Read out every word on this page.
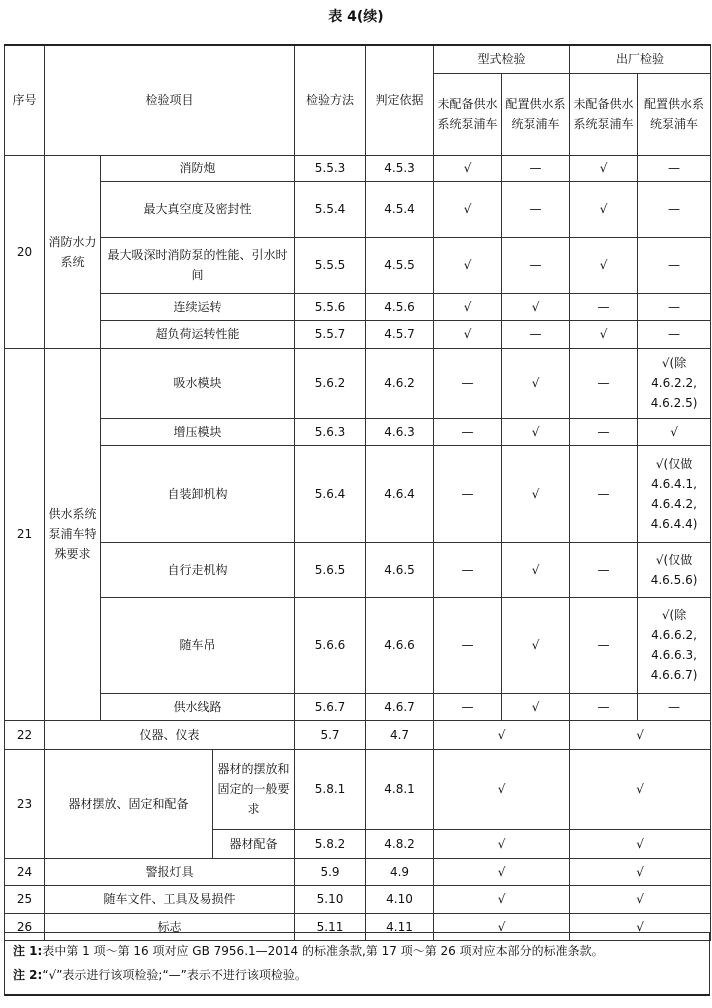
表 4(续)
序号	检验项目			检验方法	判定依据	型式检验		出厂检验	
						未配备供水系统泵浦车	配置供水系统泵浦车	未配备供水系统泵浦车	配置供水系统泵浦车
20	消防水力系统	消防炮		5.5.3	4.5.3	√	—	√	—
		最大真空度及密封性		5.5.4	4.5.4	√	—	√	—
		最大吸深时消防泵的性能、引水时间		5.5.5	4.5.5	√	—	√	—
		连续运转		5.5.6	4.5.6	√	√	—	—
		超负荷运转性能		5.5.7	4.5.7	√	—	√	—
21	供水系统泵浦车特殊要求	吸水模块		5.6.2	4.6.2	—	√	—	√(除 4.6.2.2, 4.6.2.5)
		增压模块		5.6.3	4.6.3	—	√	—	√
		自装卸机构		5.6.4	4.6.4	—	√	—	√(仅做 4.6.4.1, 4.6.4.2, 4.6.4.4)
		自行走机构		5.6.5	4.6.5	—	√	—	√(仅做 4.6.5.6)
		随车吊		5.6.6	4.6.6	—	√	—	√(除 4.6.6.2, 4.6.6.3, 4.6.6.7)
		供水线路		5.6.7	4.6.7	—	√	—	—
22	仪器、仪表			5.7	4.7	√		√	
23	器材摆放、固定和配备		器材的摆放和固定的一般要求	5.8.1	4.8.1	√		√	
			器材配备	5.8.2	4.8.2	√		√	
24	警报灯具			5.9	4.9	√		√	
25	随车文件、工具及易损件			5.10	4.10	√		√	
26	标志			5.11	4.11	√		√	
注 1:表中第 1 项～第 16 项对应 GB 7956.1—2014 的标准条款,第 17 项～第 26 项对应本部分的标准条款。
注 2:“√”表示进行该项检验;“—”表示不进行该项检验。
